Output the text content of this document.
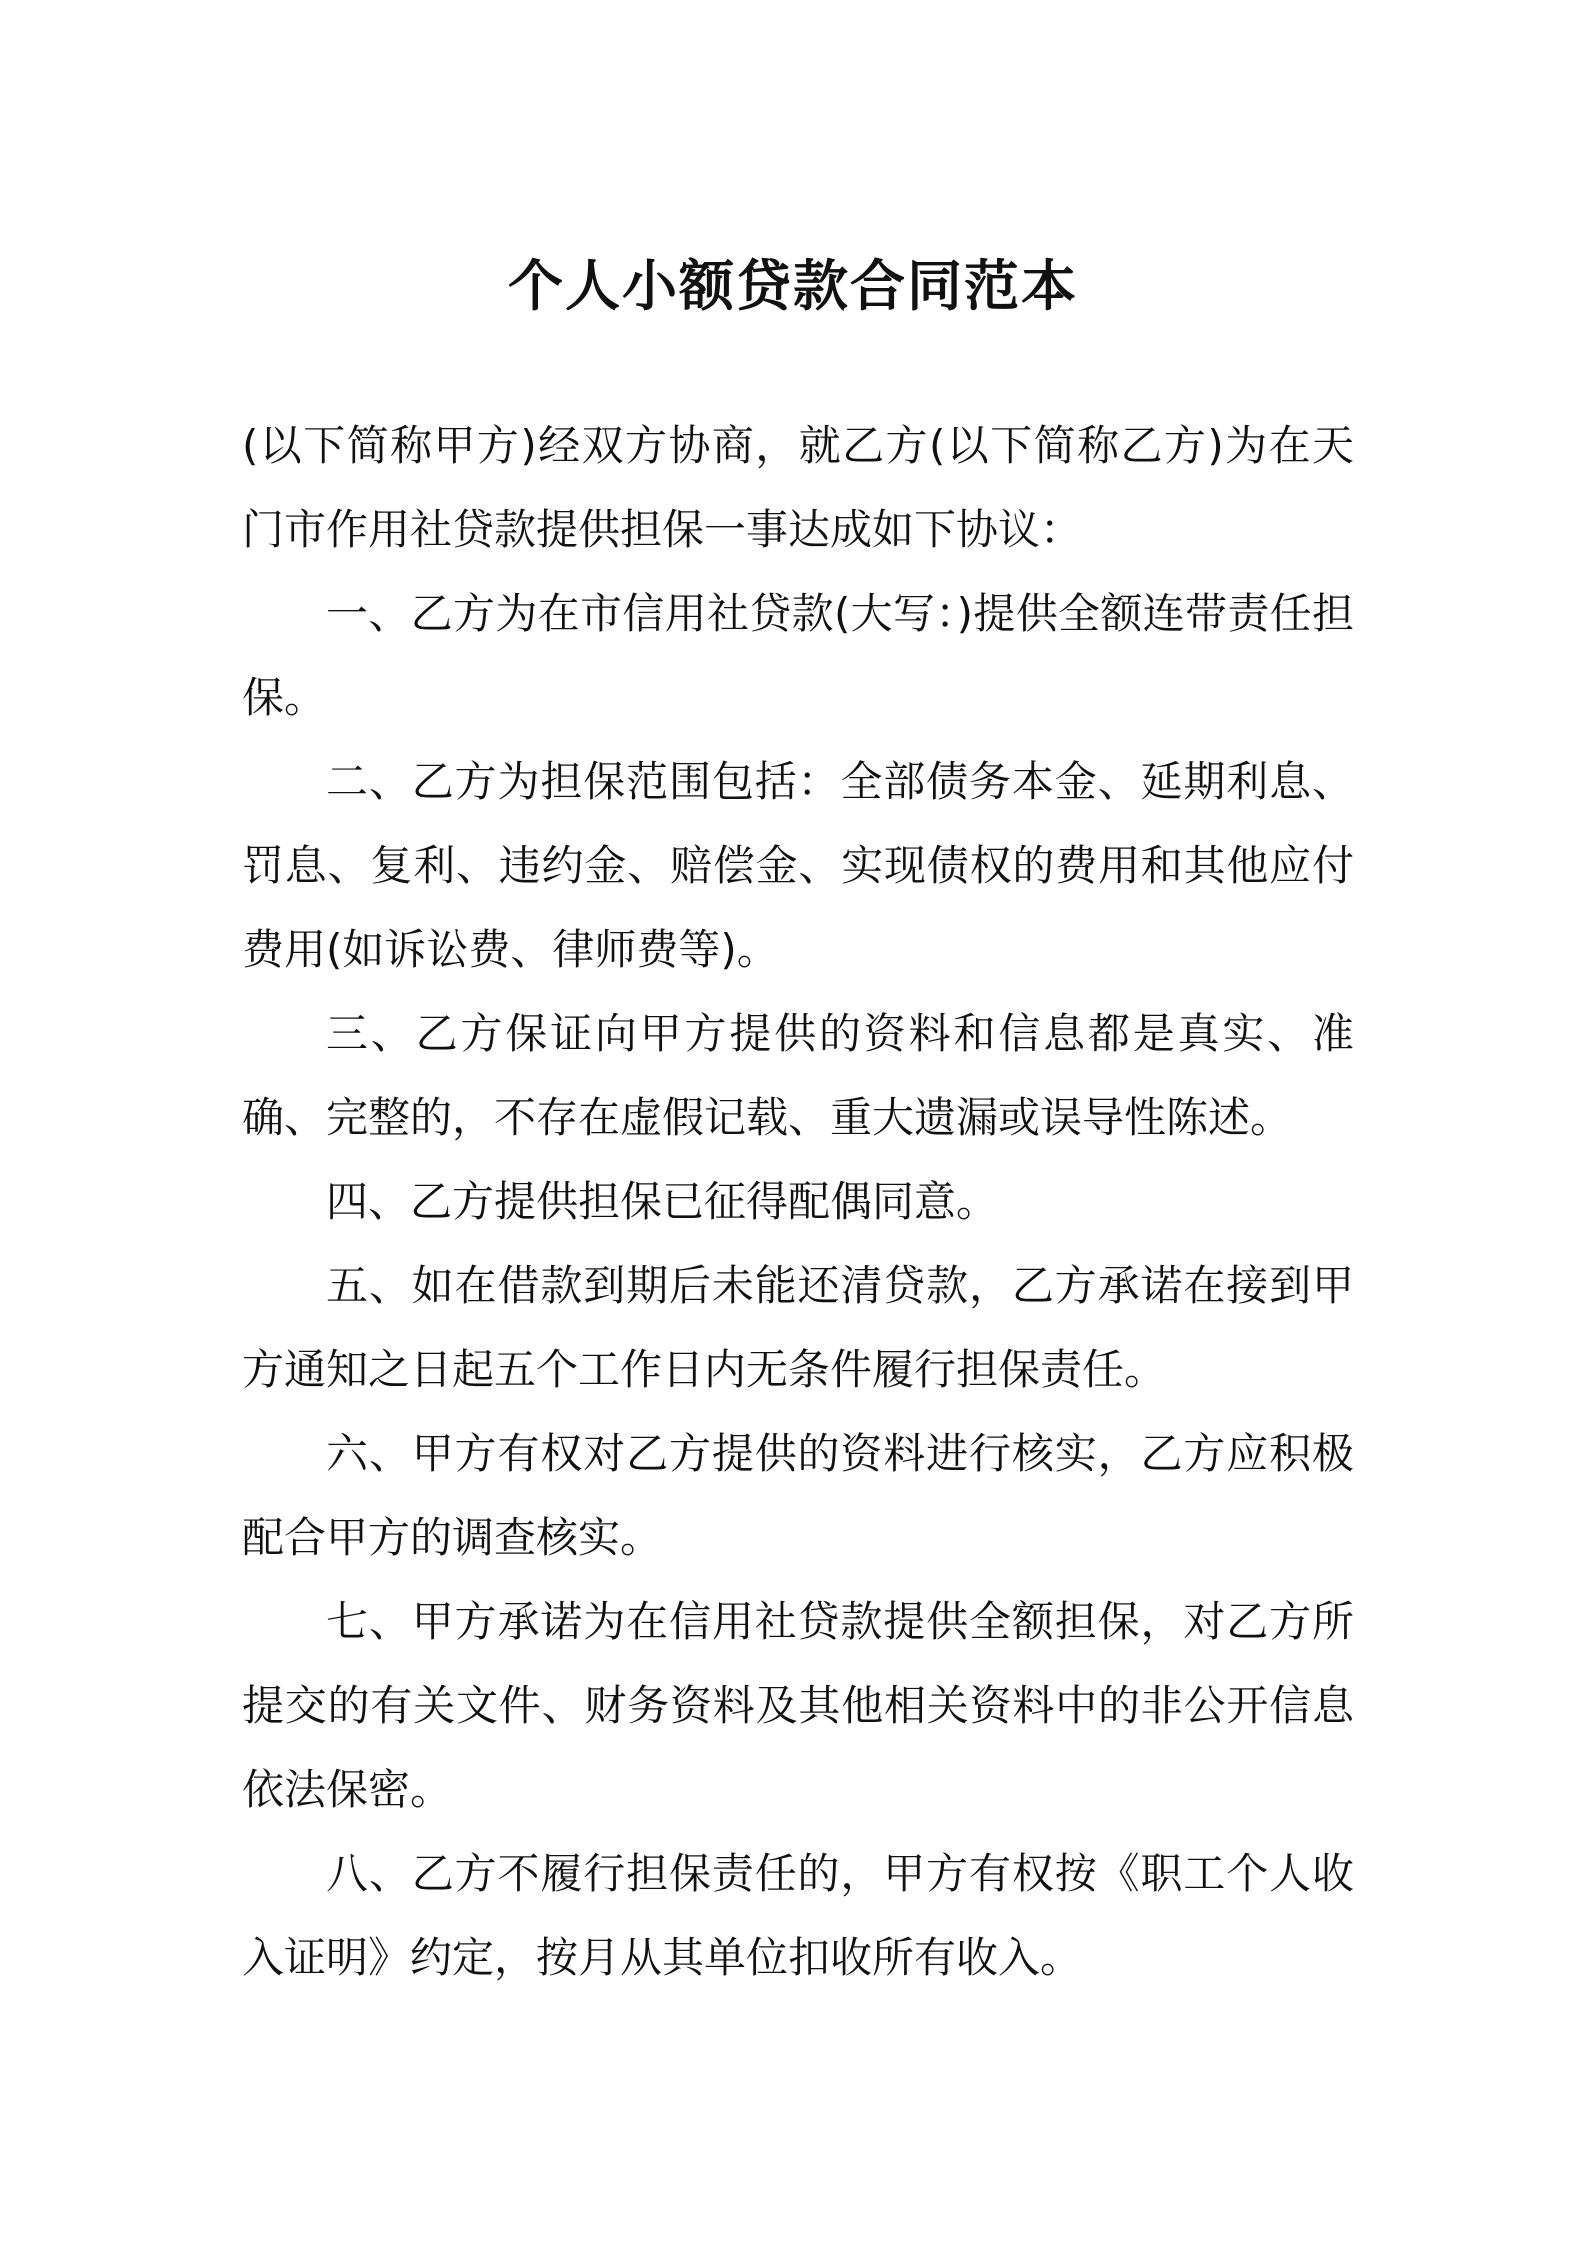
个人小额贷款合同范本

(以下简称甲方)经双方协商，就乙方(以下简称乙方)为在天门市作用社贷款提供担保一事达成如下协议：

一、乙方为在市信用社贷款(大写：)提供全额连带责任担保。

二、乙方为担保范围包括：全部债务本金、延期利息、罚息、复利、违约金、赔偿金、实现债权的费用和其他应付费用(如诉讼费、律师费等)。

三、乙方保证向甲方提供的资料和信息都是真实、准确、完整的，不存在虚假记载、重大遗漏或误导性陈述。

四、乙方提供担保已征得配偶同意。

五、如在借款到期后未能还清贷款，乙方承诺在接到甲方通知之日起五个工作日内无条件履行担保责任。

六、甲方有权对乙方提供的资料进行核实，乙方应积极配合甲方的调查核实。

七、甲方承诺为在信用社贷款提供全额担保，对乙方所提交的有关文件、财务资料及其他相关资料中的非公开信息依法保密。

八、乙方不履行担保责任的，甲方有权按《职工个人收入证明》约定，按月从其单位扣收所有收入。
